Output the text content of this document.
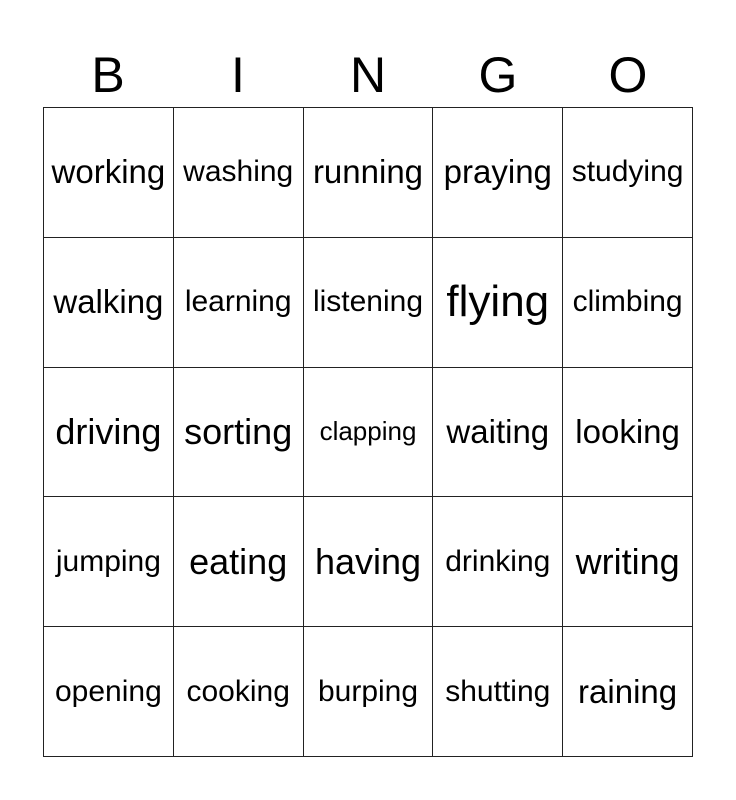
B	I	N	G	O
working washing running praying studying
walking learning listening flying climbing
driving sorting	clapping waiting looking
jumping eating having drinking writing
opening cooking burping shutting raining
